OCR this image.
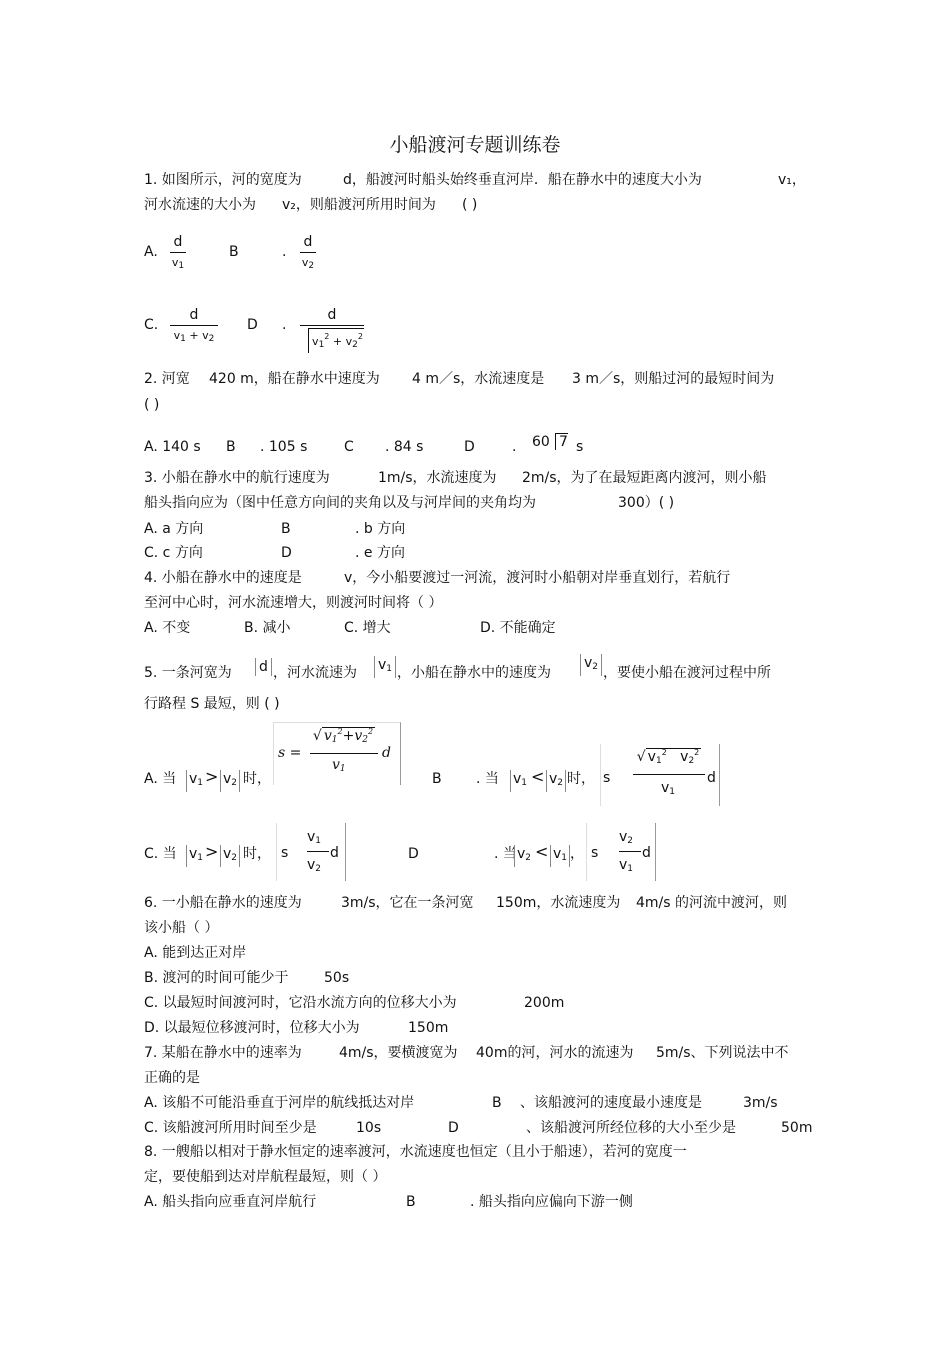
小船渡河专题训练卷
1. 如图所示，河的宽度为	d，船渡河时船头始终垂直河岸．船在静水中的速度大小为	v₁，
河水流速的大小为 v₂，则船渡河所用时间为 ( )
A.
d
$v_1$
B	.
d
$v_2$
C.
d
$v_1 + v_2$
D .
d
$v_1^2 + v_2^2$
2. 河宽 420 m，船在静水中速度为 4 m／s，水流速度是 3 m／s，则船过河的最短时间为
( )
A. 140 s B . 105 s	C . 84 s	D	. 60 7 s
3. 小船在静水中的航行速度为	1m/s，水流速度为 2m/s，为了在最短距离内渡河，则小船
船头指向应为（图中任意方向间的夹角以及与河岸间的夹角均为	300）( )
A. a 方向	B	. b 方向
C. c 方向	D	. e 方向
4. 小船在静水中的速度是	v，今小船要渡过一河流，渡河时小船朝对岸垂直划行，若航行
至河中心时，河水流速增大，则渡河时间将（ ）
A. 不变	B. 减小	C. 增大	D. 不能确定
5. 一条河宽为 d ，河水流速为 $v_1$ ，小船在静水中的速度为
$v_2$ ，要使小船在渡河过程中所
行路程 S 最短，则 ( )
A. 当 $v_1 > v_2$ 时，
s =
√ $v_1^2+v_2^2$
$v_1$
d
B . 当 $v_1 < v_2$ 时， s
√ $v_1^2$ $v_2^2$
$v_1$
d
C. 当 $v_1 > v_2$ 时， s
$v_1$
$v_2$
d	D	. 当 $v_2 < v_1$ ， s
$v_2$
$v_1$
d
6. 一小船在静水的速度为	3m/s，它在一条河宽 150m，水流速度为 4m/s 的河流中渡河，则
该小船（ ）
A. 能到达正对岸
B. 渡河的时间可能少于	50s
C. 以最短时间渡河时，它沿水流方向的位移大小为	200m
D. 以最短位移渡河时，位移大小为	150m
7. 某船在静水中的速率为	4m/s，要横渡宽为 40m的河，河水的流速为 5m/s、下列说法中不
正确的是
A. 该船不可能沿垂直于河岸的航线抵达对岸	B 、该船渡河的速度最小速度是	3m/s
C. 该船渡河所用时间至少是	10s	D	、该船渡河所经位移的大小至少是	50m
8. 一艘船以相对于静水恒定的速率渡河，水流速度也恒定（且小于船速），若河的宽度一
定，要使船到达对岸航程最短，则（ ）
A. 船头指向应垂直河岸航行	B	. 船头指向应偏向下游一侧
